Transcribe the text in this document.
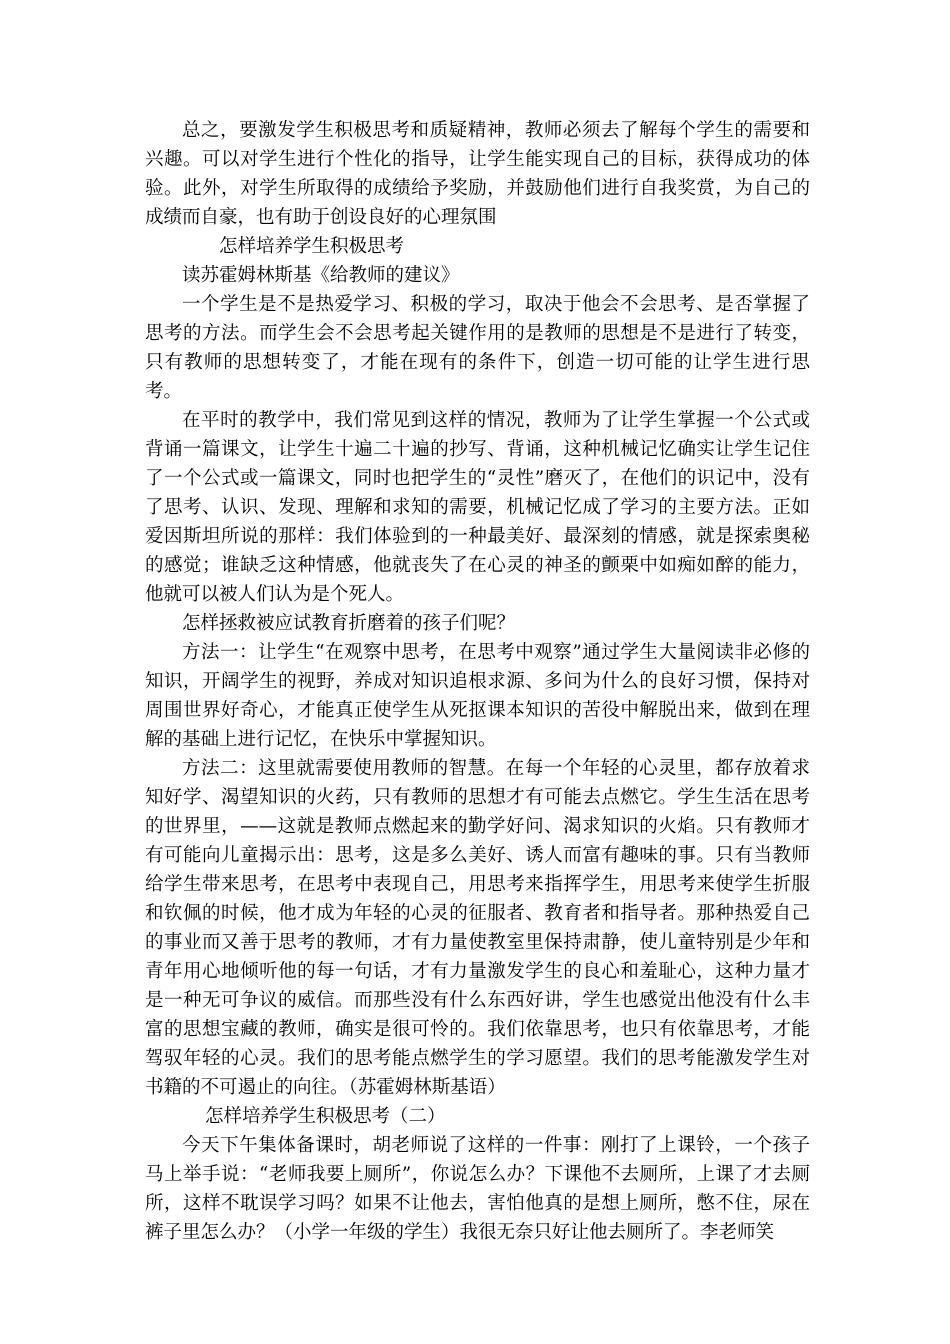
总之，要激发学生积极思考和质疑精神，教师必须去了解每个学生的需要和兴趣。可以对学生进行个性化的指导，让学生能实现自己的目标，获得成功的体验。此外，对学生所取得的成绩给予奖励，并鼓励他们进行自我奖赏，为自己的成绩而自豪，也有助于创设良好的心理氛围

怎样培养学生积极思考

读苏霍姆林斯基《给教师的建议》

一个学生是不是热爱学习、积极的学习，取决于他会不会思考、是否掌握了思考的方法。而学生会不会思考起关键作用的是教师的思想是不是进行了转变，只有教师的思想转变了，才能在现有的条件下，创造一切可能的让学生进行思考。

在平时的教学中，我们常见到这样的情况，教师为了让学生掌握一个公式或背诵一篇课文，让学生十遍二十遍的抄写、背诵，这种机械记忆确实让学生记住了一个公式或一篇课文，同时也把学生的“灵性”磨灭了，在他们的识记中，没有了思考、认识、发现、理解和求知的需要，机械记忆成了学习的主要方法。正如爱因斯坦所说的那样：我们体验到的一种最美好、最深刻的情感，就是探索奥秘的感觉；谁缺乏这种情感，他就丧失了在心灵的神圣的颤栗中如痴如醉的能力，他就可以被人们认为是个死人。

怎样拯救被应试教育折磨着的孩子们呢？

方法一：让学生“在观察中思考，在思考中观察”通过学生大量阅读非必修的知识，开阔学生的视野，养成对知识追根求源、多问为什么的良好习惯，保持对周围世界好奇心，才能真正使学生从死抠课本知识的苦役中解脱出来，做到在理解的基础上进行记忆，在快乐中掌握知识。

方法二：这里就需要使用教师的智慧。在每一个年轻的心灵里，都存放着求知好学、渴望知识的火药，只有教师的思想才有可能去点燃它。学生生活在思考的世界里，——这就是教师点燃起来的勤学好问、渴求知识的火焰。只有教师才有可能向儿童揭示出：思考，这是多么美好、诱人而富有趣味的事。只有当教师给学生带来思考，在思考中表现自己，用思考来指挥学生，用思考来使学生折服和钦佩的时候，他才成为年轻的心灵的征服者、教育者和指导者。那种热爱自己的事业而又善于思考的教师，才有力量使教室里保持肃静，使儿童特别是少年和青年用心地倾听他的每一句话，才有力量激发学生的良心和羞耻心，这种力量才是一种无可争议的威信。而那些没有什么东西好讲，学生也感觉出他没有什么丰富的思想宝藏的教师，确实是很可怜的。我们依靠思考，也只有依靠思考，才能驾驭年轻的心灵。我们的思考能点燃学生的学习愿望。我们的思考能激发学生对书籍的不可遏止的向往。（苏霍姆林斯基语）

怎样培养学生积极思考（二）

今天下午集体备课时，胡老师说了这样的一件事：刚打了上课铃，一个孩子马上举手说：“老师我要上厕所”，你说怎么办？下课他不去厕所，上课了才去厕所，这样不耽误学习吗？如果不让他去，害怕他真的是想上厕所，憋不住，尿在裤子里怎么办？（小学一年级的学生）我很无奈只好让他去厕所了。李老师笑
